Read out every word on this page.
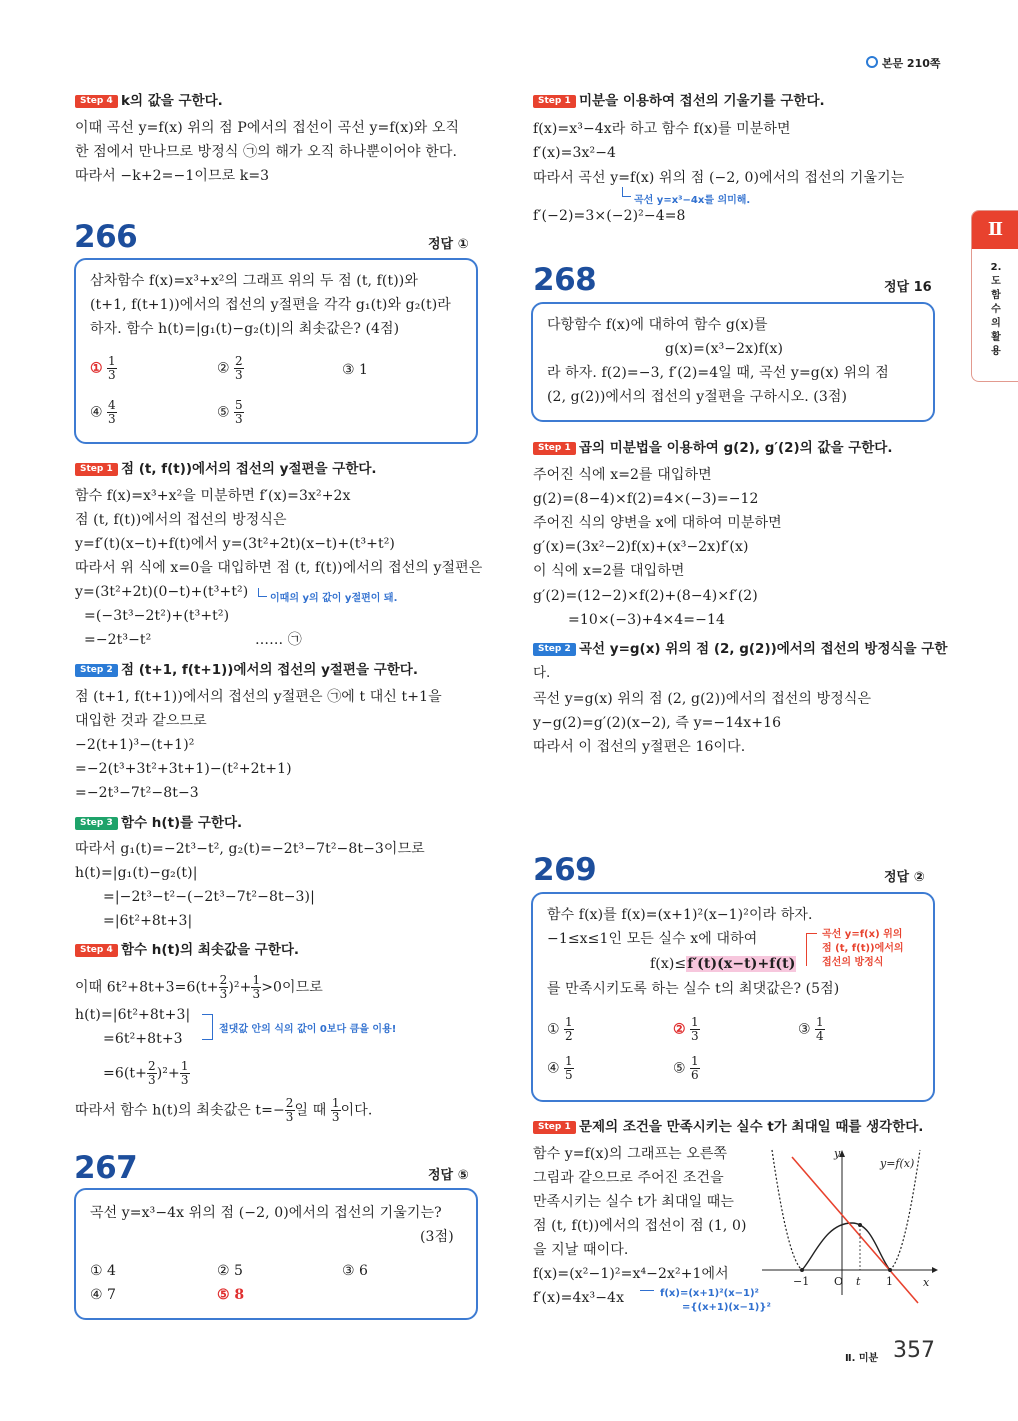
본문 210쪽
Ⅱ
2.
도
함
수
의
활
용
Step 4 k의 값을 구한다.
이때 곡선 y=f(x) 위의 점 P에서의 접선이 곡선 y=f(x)와 오직
한 점에서 만나므로 방정식 ㉠의 해가 오직 하나뿐이어야 한다.
따라서 −k+2=−1이므로 k=3
266	정답 ①
삼차함수 f(x)=x³+x²의 그래프 위의 두 점 (t, f(t))와
(t+1, f(t+1))에서의 접선의 y절편을 각각 g₁(t)와 g₂(t)라
하자. 함수 h(t)=|g₁(t)−g₂(t)|의 최솟값은? (4점)
① $\frac{1}{3}$	② $\frac{2}{3}$	③ 1
④ $\frac{4}{3}$	⑤ $\frac{5}{3}$
Step 1 점 (t, f(t))에서의 접선의 y절편을 구한다.
함수 f(x)=x³+x²을 미분하면 f′(x)=3x²+2x
점 (t, f(t))에서의 접선의 방정식은
y=f′(t)(x−t)+f(t)에서 y=(3t²+2t)(x−t)+(t³+t²)
따라서 위 식에 x=0을 대입하면 점 (t, f(t))에서의 접선의 y절편은
y=(3t²+2t)(0−t)+(t³+t²) 이때의 y의 값이 y절편이 돼.
=(−3t³−2t²)+(t³+t²)
=−2t³−t²	…… ㉠
Step 2 점 (t+1, f(t+1))에서의 접선의 y절편을 구한다.
점 (t+1, f(t+1))에서의 접선의 y절편은 ㉠에 t 대신 t+1을
대입한 것과 같으므로
−2(t+1)³−(t+1)²
=−2(t³+3t²+3t+1)−(t²+2t+1)
=−2t³−7t²−8t−3
Step 3 함수 h(t)를 구한다.
따라서 g₁(t)=−2t³−t², g₂(t)=−2t³−7t²−8t−3이므로
h(t)=|g₁(t)−g₂(t)|
=|−2t³−t²−(−2t³−7t²−8t−3)|
=|6t²+8t+3|
Step 4 함수 h(t)의 최솟값을 구한다.
이때 $6t^2+8t+3=6(t+ \frac{2}{3} )^2+ \frac{1}{3} >0$이므로
h(t)=|6t²+8t+3|
절댓값 안의 식의 값이 0보다 큼을 이용!
=6t²+8t+3
$=6(t+ \frac{2}{3} )^2+ \frac{1}{3}$
따라서 함수 h(t)의 최솟값은 $t=- \frac{2}{3}$ 일 때 $\frac{1}{3}$ 이다.
267	정답 ⑤
곡선 y=x³−4x 위의 점 (−2, 0)에서의 접선의 기울기는?
(3점)
① 4	② 5	③ 6
④ 7	⑤ 8
Step 1 미분을 이용하여 접선의 기울기를 구한다.
f(x)=x³−4x라 하고 함수 f(x)를 미분하면
f′(x)=3x²−4
따라서 곡선 y=f(x) 위의 점 (−2, 0)에서의 접선의 기울기는
곡선 y=x³−4x를 의미해.
f′(−2)=3×(−2)²−4=8
268	정답 16
다항함수 f(x)에 대하여 함수 g(x)를
g(x)=(x³−2x)f(x)
라 하자. f(2)=−3, f′(2)=4일 때, 곡선 y=g(x) 위의 점
(2, g(2))에서의 접선의 y절편을 구하시오. (3점)
Step 1 곱의 미분법을 이용하여 g(2), g′(2)의 값을 구한다.
주어진 식에 x=2를 대입하면
g(2)=(8−4)×f(2)=4×(−3)=−12
주어진 식의 양변을 x에 대하여 미분하면
g′(x)=(3x²−2)f(x)+(x³−2x)f′(x)
이 식에 x=2를 대입하면
g′(2)=(12−2)×f(2)+(8−4)×f′(2)
=10×(−3)+4×4=−14
Step 2 곡선 y=g(x) 위의 점 (2, g(2))에서의 접선의 방정식을 구한
다.
곡선 y=g(x) 위의 점 (2, g(2))에서의 접선의 방정식은
y−g(2)=g′(2)(x−2), 즉 y=−14x+16
따라서 이 접선의 y절편은 16이다.
269	정답 ②
함수 f(x)를 f(x)=(x+1)²(x−1)²이라 하자.
−1≤x≤1인 모든 실수 x에 대하여
f(x)≤f′(t)(x−t)+f(t)
곡선 y=f(x) 위의
점 (t, f(t))에서의
접선의 방정식
를 만족시키도록 하는 실수 t의 최댓값은? (5점)
① $\frac{1}{2}$	② $\frac{1}{3}$	③ $\frac{1}{4}$
④ $\frac{1}{5}$	⑤ $\frac{1}{6}$
Step 1 문제의 조건을 만족시키는 실수 t가 최대일 때를 생각한다.
함수 y=f(x)의 그래프는 오른쪽
그림과 같으므로 주어진 조건을
만족시키는 실수 t가 최대일 때는
점 (t, f(t))에서의 접선이 점 (1, 0)
을 지날 때이다.
f(x)=(x²−1)²=x⁴−2x²+1에서
f′(x)=4x³−4x	f(x)=(x+1)²(x−1)²
={(x+1)(x−1)}²
y=f(x)
y
x
−1 O t 1
Ⅱ. 미분 357
